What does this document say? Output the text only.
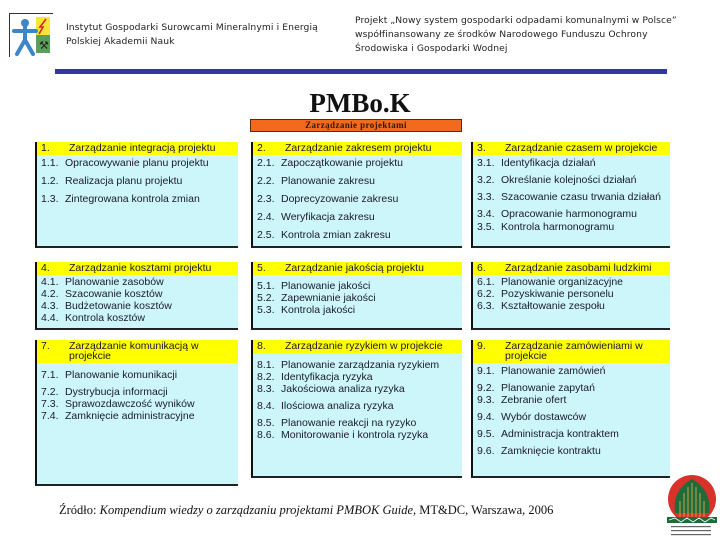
⚒
Instytut Gospodarki Surowcami Mineralnymi i Energią
Polskiej Akademii Nauk
Projekt „Nowy system gospodarki odpadami komunalnymi w Polsce”
współfinansowany ze środków Narodowego Funduszu Ochrony
Środowiska i Gospodarki Wodnej
PMBo.K
Zarządzanie projektami
1.	Zarządzanie integracją projektu
1.1. Opracowywanie planu projektu
1.2. Realizacja planu projektu
1.3. Zintegrowana kontrola zmian
2.	Zarządzanie zakresem projektu
2.1. Zapoczątkowanie projektu
2.2. Planowanie zakresu
2.3. Doprecyzowanie zakresu
2.4. Weryfikacja zakresu
2.5. Kontrola zmian zakresu
3.	Zarządzanie czasem w projekcie
3.1. Identyfikacja działań
3.2. Określanie kolejności działań
3.3. Szacowanie czasu trwania działań
3.4. Opracowanie harmonogramu
3.5. Kontrola harmonogramu
4.	Zarządzanie kosztami projektu
4.1. Planowanie zasobów
4.2. Szacowanie kosztów
4.3. Budżetowanie kosztów
4.4. Kontrola kosztów
5.	Zarządzanie jakością projektu
5.1. Planowanie jakości
5.2. Zapewnianie jakości
5.3. Kontrola jakości
6.	Zarządzanie zasobami ludzkimi
6.1. Planowanie organizacyjne
6.2. Pozyskiwanie personelu
6.3. Kształtowanie zespołu
7.	Zarządzanie komunikacją w projekcie
7.1. Planowanie komunikacji
7.2. Dystrybucja informacji
7.3. Sprawozdawczość wyników
7.4. Zamknięcie administracyjne
8.	Zarządzanie ryzykiem w projekcie
8.1. Planowanie zarządzania ryzykiem
8.2. Identyfikacja ryzyka
8.3. Jakościowa analiza ryzyka
8.4. Ilościowa analiza ryzyka
8.5. Planowanie reakcji na ryzyko
8.6. Monitorowanie i kontrola ryzyka
9.	Zarządzanie zamówieniami w projekcie
9.1. Planowanie zamówień
9.2. Planowanie zapytań
9.3. Zebranie ofert
9.4. Wybór dostawców
9.5. Administracja kontraktem
9.6. Zamknięcie kontraktu
Źródło: Kompendium wiedzy o zarządzaniu projektami PMBOK Guide, MT&DC, Warszawa, 2006
